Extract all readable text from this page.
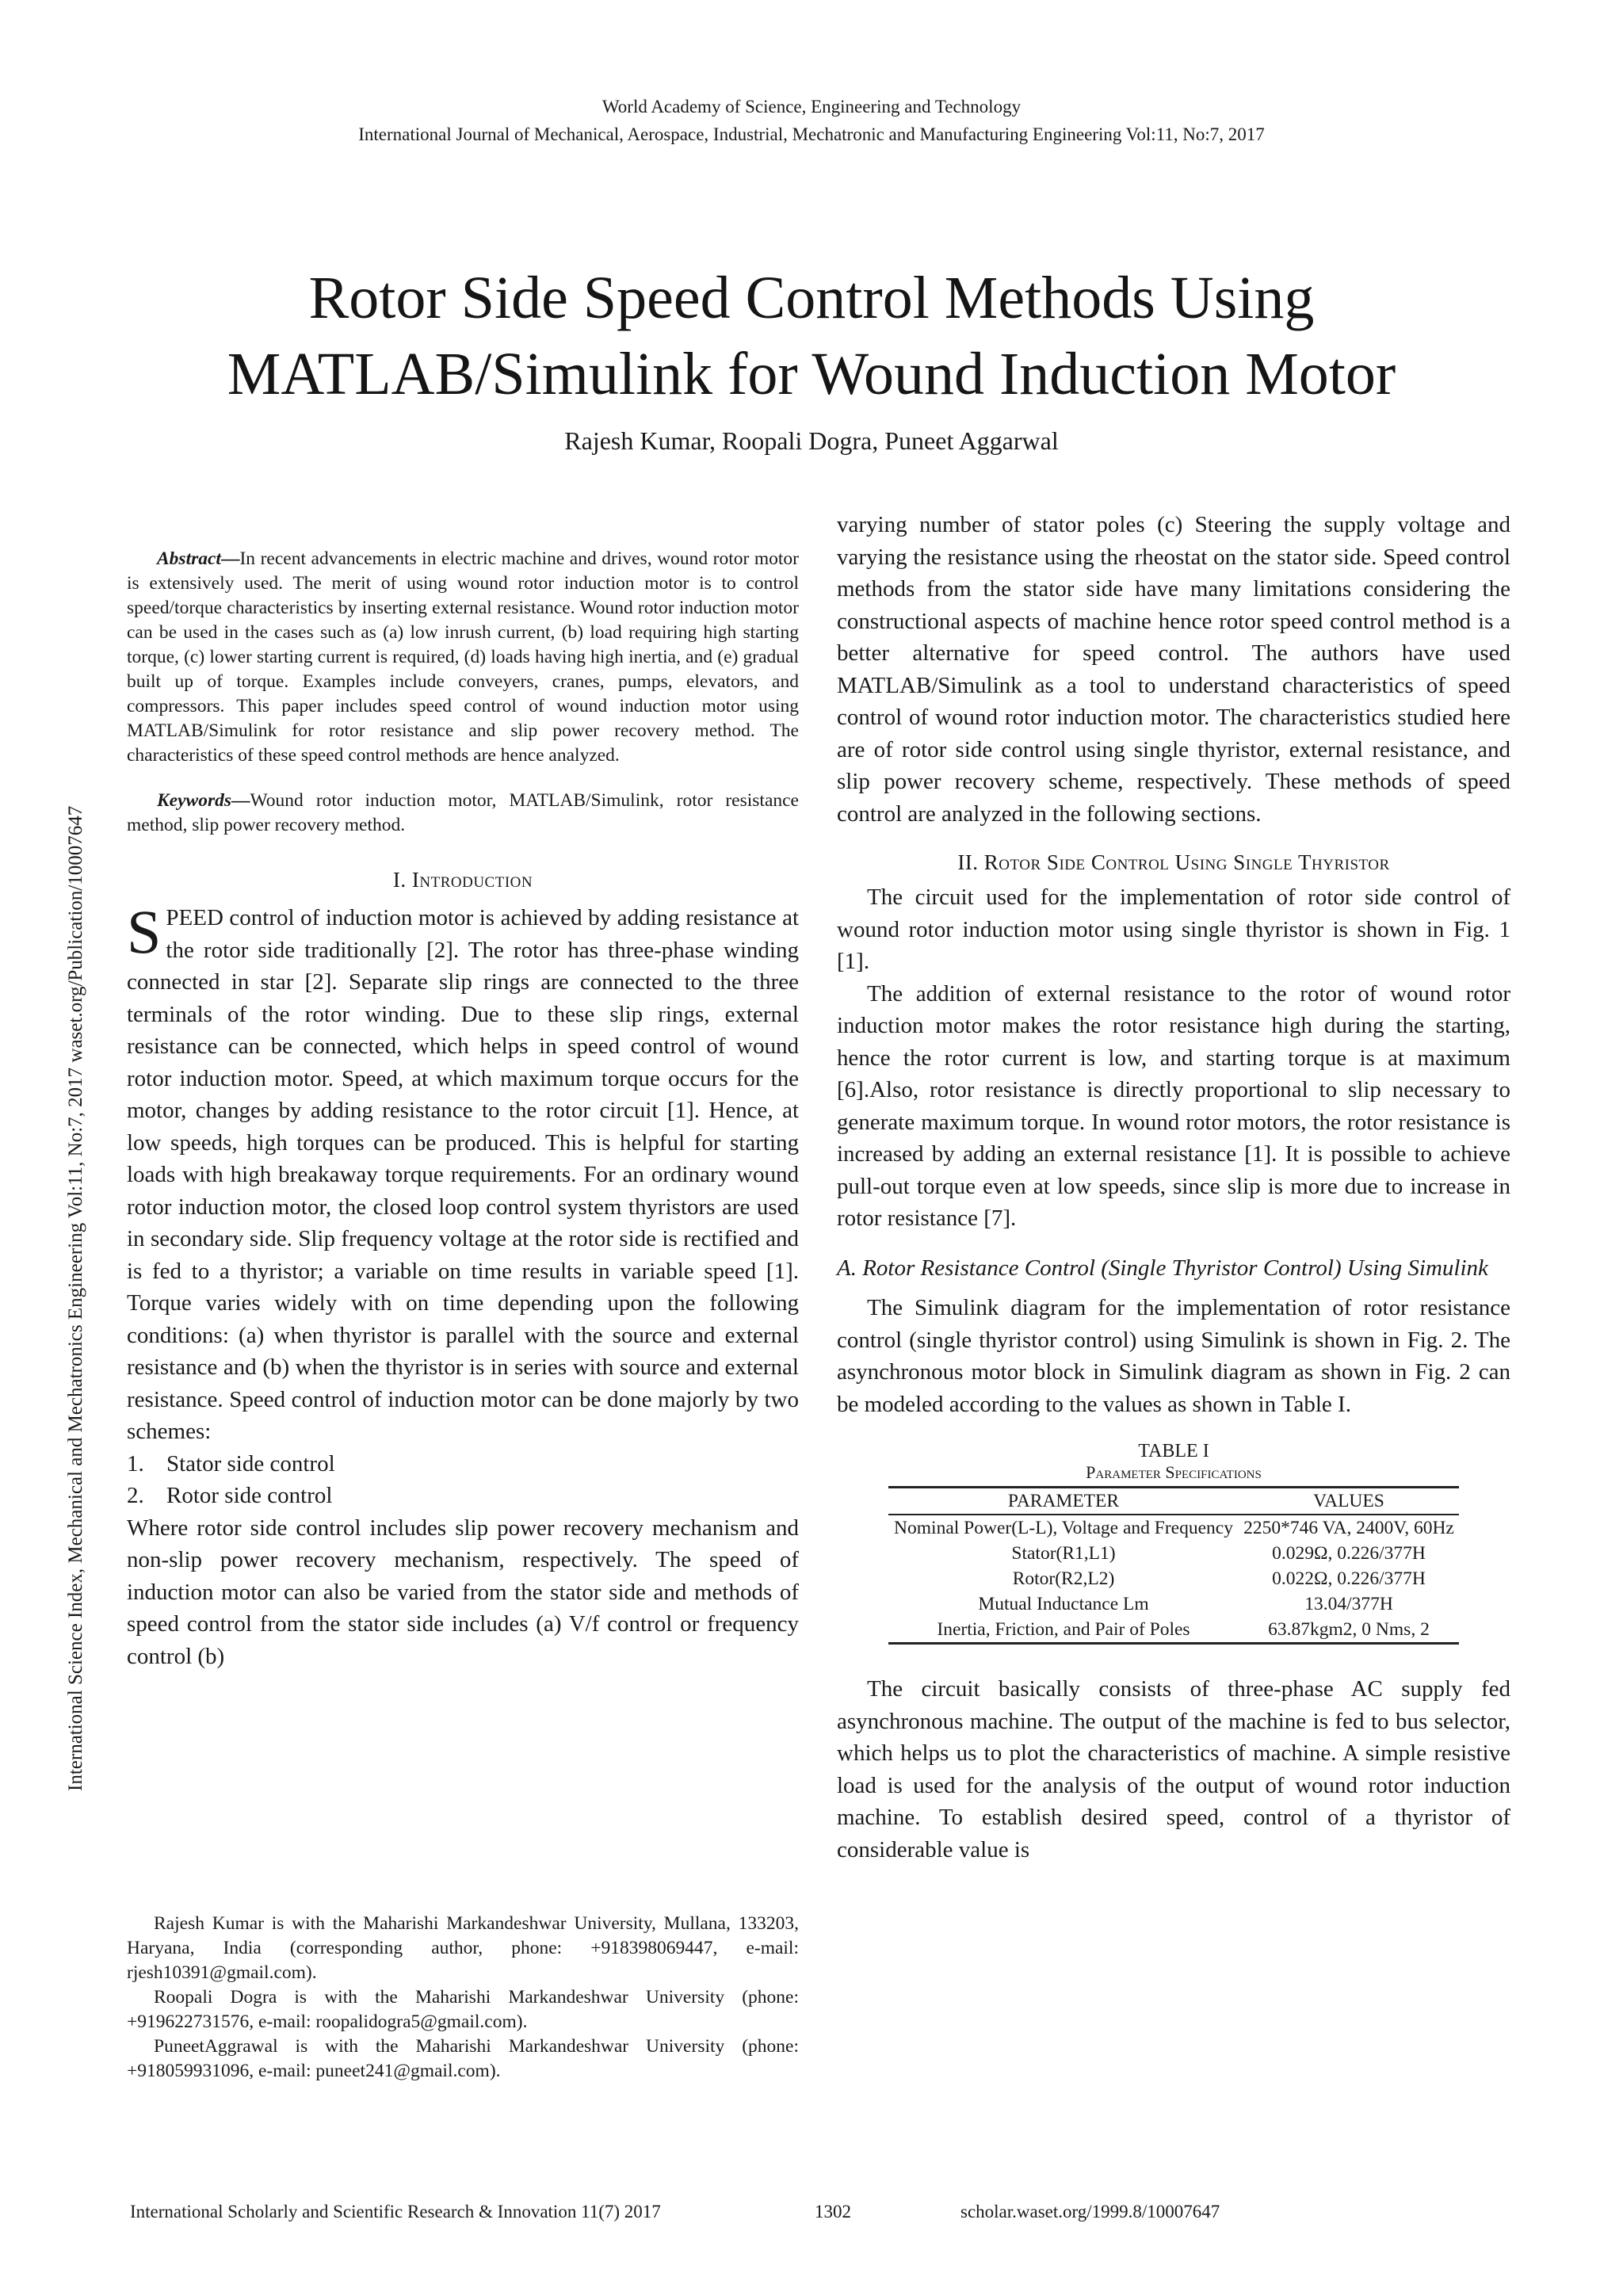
World Academy of Science, Engineering and Technology
International Journal of Mechanical, Aerospace, Industrial, Mechatronic and Manufacturing Engineering Vol:11, No:7, 2017
Rotor Side Speed Control Methods Using
MATLAB/Simulink for Wound Induction Motor
Rajesh Kumar, Roopali Dogra, Puneet Aggarwal
International Science Index, Mechanical and Mechatronics Engineering Vol:11, No:7, 2017 waset.org/Publication/10007647

Abstract—In recent advancements in electric machine and drives, wound rotor motor is extensively used. The merit of using wound rotor induction motor is to control speed/torque characteristics by inserting external resistance. Wound rotor induction motor can be used in the cases such as (a) low inrush current, (b) load requiring high starting torque, (c) lower starting current is required, (d) loads having high inertia, and (e) gradual built up of torque. Examples include conveyers, cranes, pumps, elevators, and compressors. This paper includes speed control of wound induction motor using MATLAB/Simulink for rotor resistance and slip power recovery method. The characteristics of these speed control methods are hence analyzed.

Keywords—Wound rotor induction motor, MATLAB/Simulink, rotor resistance method, slip power recovery method.

I. Introduction

SPEED control of induction motor is achieved by adding resistance at the rotor side traditionally [2]. The rotor has three-phase winding connected in star [2]. Separate slip rings are connected to the three terminals of the rotor winding. Due to these slip rings, external resistance can be connected, which helps in speed control of wound rotor induction motor. Speed, at which maximum torque occurs for the motor, changes by adding resistance to the rotor circuit [1]. Hence, at low speeds, high torques can be produced. This is helpful for starting loads with high breakaway torque requirements. For an ordinary wound rotor induction motor, the closed loop control system thyristors are used in secondary side. Slip frequency voltage at the rotor side is rectified and is fed to a thyristor; a variable on time results in variable speed [1]. Torque varies widely with on time depending upon the following conditions: (a) when thyristor is parallel with the source and external resistance and (b) when the thyristor is in series with source and external resistance. Speed control of induction motor can be done majorly by two schemes:

1. Stator side control

2. Rotor side control

Where rotor side control includes slip power recovery mechanism and non-slip power recovery mechanism, respectively. The speed of induction motor can also be varied from the stator side and methods of speed control from the stator side includes (a) V/f control or frequency control (b)

Rajesh Kumar is with the Maharishi Markandeshwar University, Mullana, 133203, Haryana, India (corresponding author, phone: +918398069447, e-mail: rjesh10391@gmail.com).

Roopali Dogra is with the Maharishi Markandeshwar University (phone: +919622731576, e-mail: roopalidogra5@gmail.com).

PuneetAggrawal is with the Maharishi Markandeshwar University (phone: +918059931096, e-mail: puneet241@gmail.com).

varying number of stator poles (c) Steering the supply voltage and varying the resistance using the rheostat on the stator side. Speed control methods from the stator side have many limitations considering the constructional aspects of machine hence rotor speed control method is a better alternative for speed control. The authors have used MATLAB/Simulink as a tool to understand characteristics of speed control of wound rotor induction motor. The characteristics studied here are of rotor side control using single thyristor, external resistance, and slip power recovery scheme, respectively. These methods of speed control are analyzed in the following sections.

II. Rotor Side Control Using Single Thyristor

The circuit used for the implementation of rotor side control of wound rotor induction motor using single thyristor is shown in Fig. 1 [1].

The addition of external resistance to the rotor of wound rotor induction motor makes the rotor resistance high during the starting, hence the rotor current is low, and starting torque is at maximum [6].Also, rotor resistance is directly proportional to slip necessary to generate maximum torque. In wound rotor motors, the rotor resistance is increased by adding an external resistance [1]. It is possible to achieve pull-out torque even at low speeds, since slip is more due to increase in rotor resistance [7].

A. Rotor Resistance Control (Single Thyristor Control) Using Simulink

The Simulink diagram for the implementation of rotor resistance control (single thyristor control) using Simulink is shown in Fig. 2. The asynchronous motor block in Simulink diagram as shown in Fig. 2 can be modeled according to the values as shown in Table I.

TABLE I
Parameter Specifications
PARAMETER	VALUES
Nominal Power(L-L), Voltage and Frequency	2250*746 VA, 2400V, 60Hz
Stator(R1,L1)	0.029Ω, 0.226/377H
Rotor(R2,L2)	0.022Ω, 0.226/377H
Mutual Inductance Lm	13.04/377H
Inertia, Friction, and Pair of Poles	63.87kgm2, 0 Nms, 2

The circuit basically consists of three-phase AC supply fed asynchronous machine. The output of the machine is fed to bus selector, which helps us to plot the characteristics of machine. A simple resistive load is used for the analysis of the output of wound rotor induction machine. To establish desired speed, control of a thyristor of considerable value is

International Scholarly and Scientific Research & Innovation 11(7) 2017	1302	scholar.waset.org/1999.8/10007647
